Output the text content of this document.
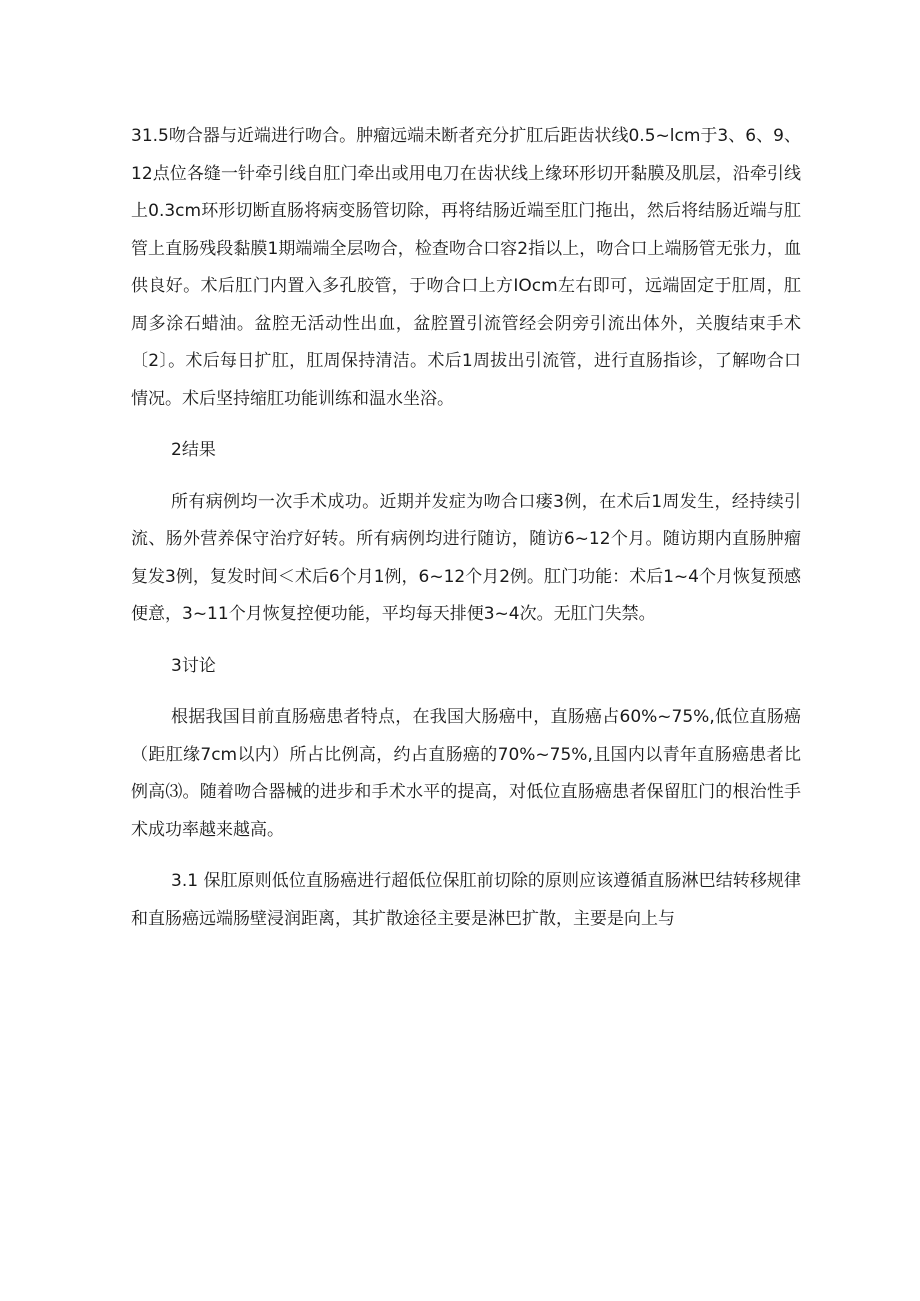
31.5吻合器与近端进行吻合。肿瘤远端未断者充分扩肛后距齿状线0.5~lcm于3、6、9、12点位各缝一针牵引线自肛门牵出或用电刀在齿状线上缘环形切开黏膜及肌层，沿牵引线上0.3cm环形切断直肠将病变肠管切除，再将结肠近端至肛门拖出，然后将结肠近端与肛管上直肠残段黏膜1期端端全层吻合，检查吻合口容2指以上，吻合口上端肠管无张力，血供良好。术后肛门内置入多孔胶管，于吻合口上方IOcm左右即可，远端固定于肛周，肛周多涂石蜡油。盆腔无活动性出血，盆腔置引流管经会阴旁引流出体外，关腹结束手术〔2〕。术后每日扩肛，肛周保持清洁。术后1周拔出引流管，进行直肠指诊，了解吻合口情况。术后坚持缩肛功能训练和温水坐浴。

2结果

所有病例均一次手术成功。近期并发症为吻合口瘘3例，在术后1周发生，经持续引流、肠外营养保守治疗好转。所有病例均进行随访，随访6~12个月。随访期内直肠肿瘤复发3例，复发时间＜术后6个月1例，6~12个月2例。肛门功能：术后1~4个月恢复预感便意，3~11个月恢复控便功能，平均每天排便3~4次。无肛门失禁。

3讨论

根据我国目前直肠癌患者特点，在我国大肠癌中，直肠癌占60%~75%,低位直肠癌（距肛缘7cm以内）所占比例高，约占直肠癌的70%~75%,且国内以青年直肠癌患者比例高⑶。随着吻合器械的进步和手术水平的提高，对低位直肠癌患者保留肛门的根治性手术成功率越来越高。

3.1 保肛原则低位直肠癌进行超低位保肛前切除的原则应该遵循直肠淋巴结转移规律和直肠癌远端肠壁浸润距离，其扩散途径主要是淋巴扩散，主要是向上与
